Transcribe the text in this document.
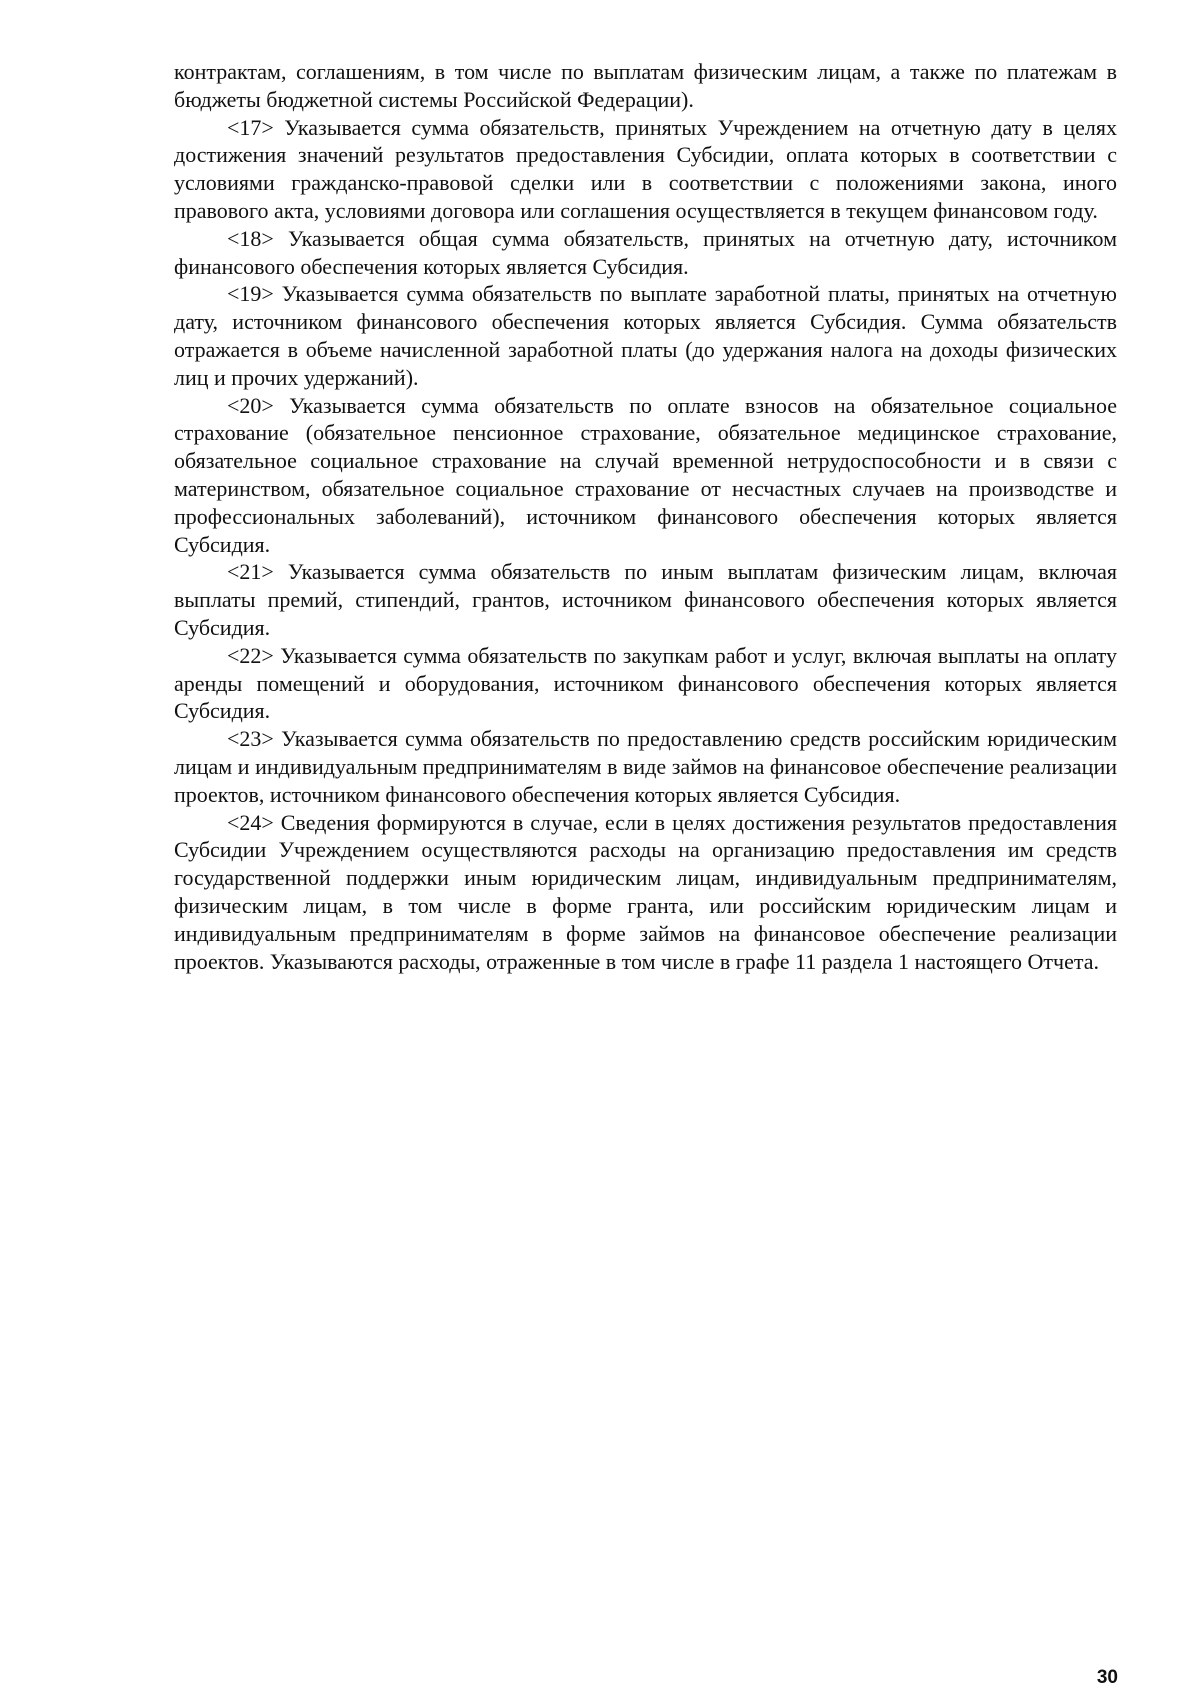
контрактам, соглашениям, в том числе по выплатам физическим лицам, а также по платежам в бюджеты бюджетной системы Российской Федерации).

<17> Указывается сумма обязательств, принятых Учреждением на отчетную дату в целях достижения значений результатов предоставления Субсидии, оплата которых в соответствии с условиями гражданско-правовой сделки или в соответствии с положениями закона, иного правового акта, условиями договора или соглашения осуществляется в текущем финансовом году.

<18> Указывается общая сумма обязательств, принятых на отчетную дату, источником финансового обеспечения которых является Субсидия.

<19> Указывается сумма обязательств по выплате заработной платы, принятых на отчетную дату, источником финансового обеспечения которых является Субсидия. Сумма обязательств отражается в объеме начисленной заработной платы (до удержания налога на доходы физических лиц и прочих удержаний).

<20> Указывается сумма обязательств по оплате взносов на обязательное социальное страхование (обязательное пенсионное страхование, обязательное медицинское страхование, обязательное социальное страхование на случай временной нетрудоспособности и в связи с материнством, обязательное социальное страхование от несчастных случаев на производстве и профессиональных заболеваний), источником финансового обеспечения которых является Субсидия.

<21> Указывается сумма обязательств по иным выплатам физическим лицам, включая выплаты премий, стипендий, грантов, источником финансового обеспечения которых является Субсидия.

<22> Указывается сумма обязательств по закупкам работ и услуг, включая выплаты на оплату аренды помещений и оборудования, источником финансового обеспечения которых является Субсидия.

<23> Указывается сумма обязательств по предоставлению средств российским юридическим лицам и индивидуальным предпринимателям в виде займов на финансовое обеспечение реализации проектов, источником финансового обеспечения которых является Субсидия.

<24> Сведения формируются в случае, если в целях достижения результатов предоставления Субсидии Учреждением осуществляются расходы на организацию предоставления им средств государственной поддержки иным юридическим лицам, индивидуальным предпринимателям, физическим лицам, в том числе в форме гранта, или российским юридическим лицам и индивидуальным предпринимателям в форме займов на финансовое обеспечение реализации проектов. Указываются расходы, отраженные в том числе в графе 11 раздела 1 настоящего Отчета.

30
